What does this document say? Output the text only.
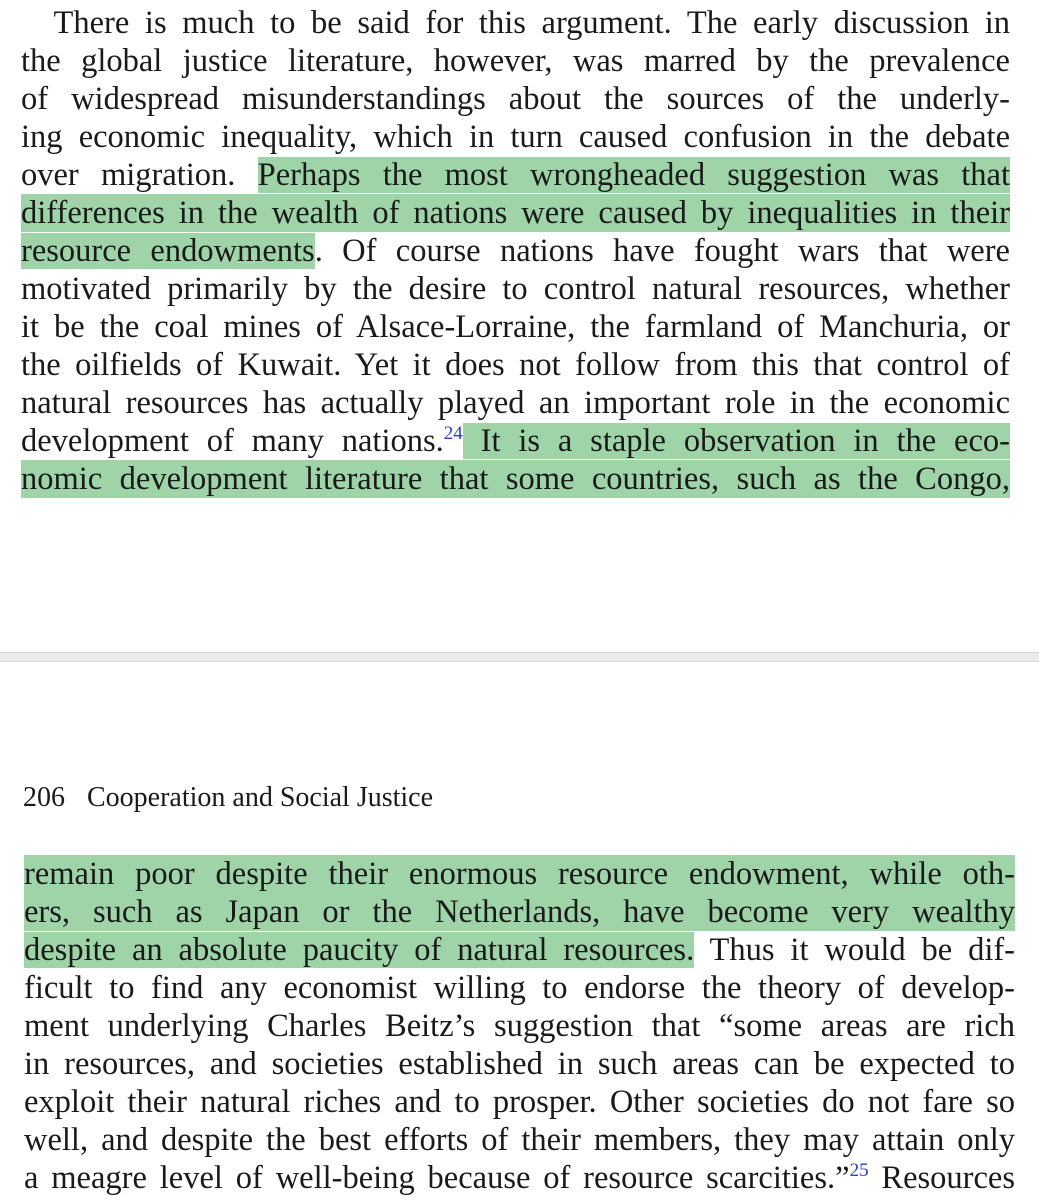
 There is much to be said for this argument. The early discussion in
the global justice literature, however, was marred by the prevalence
of widespread misunderstandings about the sources of the underly-
ing economic inequality, which in turn caused confusion in the debate
over migration. Perhaps the most wrongheaded suggestion was that
differences in the wealth of nations were caused by inequalities in their
resource endowments. Of course nations have fought wars that were
motivated primarily by the desire to control natural resources, whether
it be the coal mines of Alsace-Lorraine, the farmland of Manchuria, or
the oilfields of Kuwait. Yet it does not follow from this that control of
natural resources has actually played an important role in the economic
development of many nations.$^{24}$ It is a staple observation in the eco-
nomic development literature that some countries, such as the Congo,
206 Cooperation and Social Justice
remain poor despite their enormous resource endowment, while oth-
ers, such as Japan or the Netherlands, have become very wealthy
despite an absolute paucity of natural resources. Thus it would be dif-
ficult to find any economist willing to endorse the theory of develop-
ment underlying Charles Beitz’s suggestion that “some areas are rich
in resources, and societies established in such areas can be expected to
exploit their natural riches and to prosper. Other societies do not fare so
well, and despite the best efforts of their members, they may attain only
a meagre level of well-being because of resource scarcities.”$^{25}$ Resources
